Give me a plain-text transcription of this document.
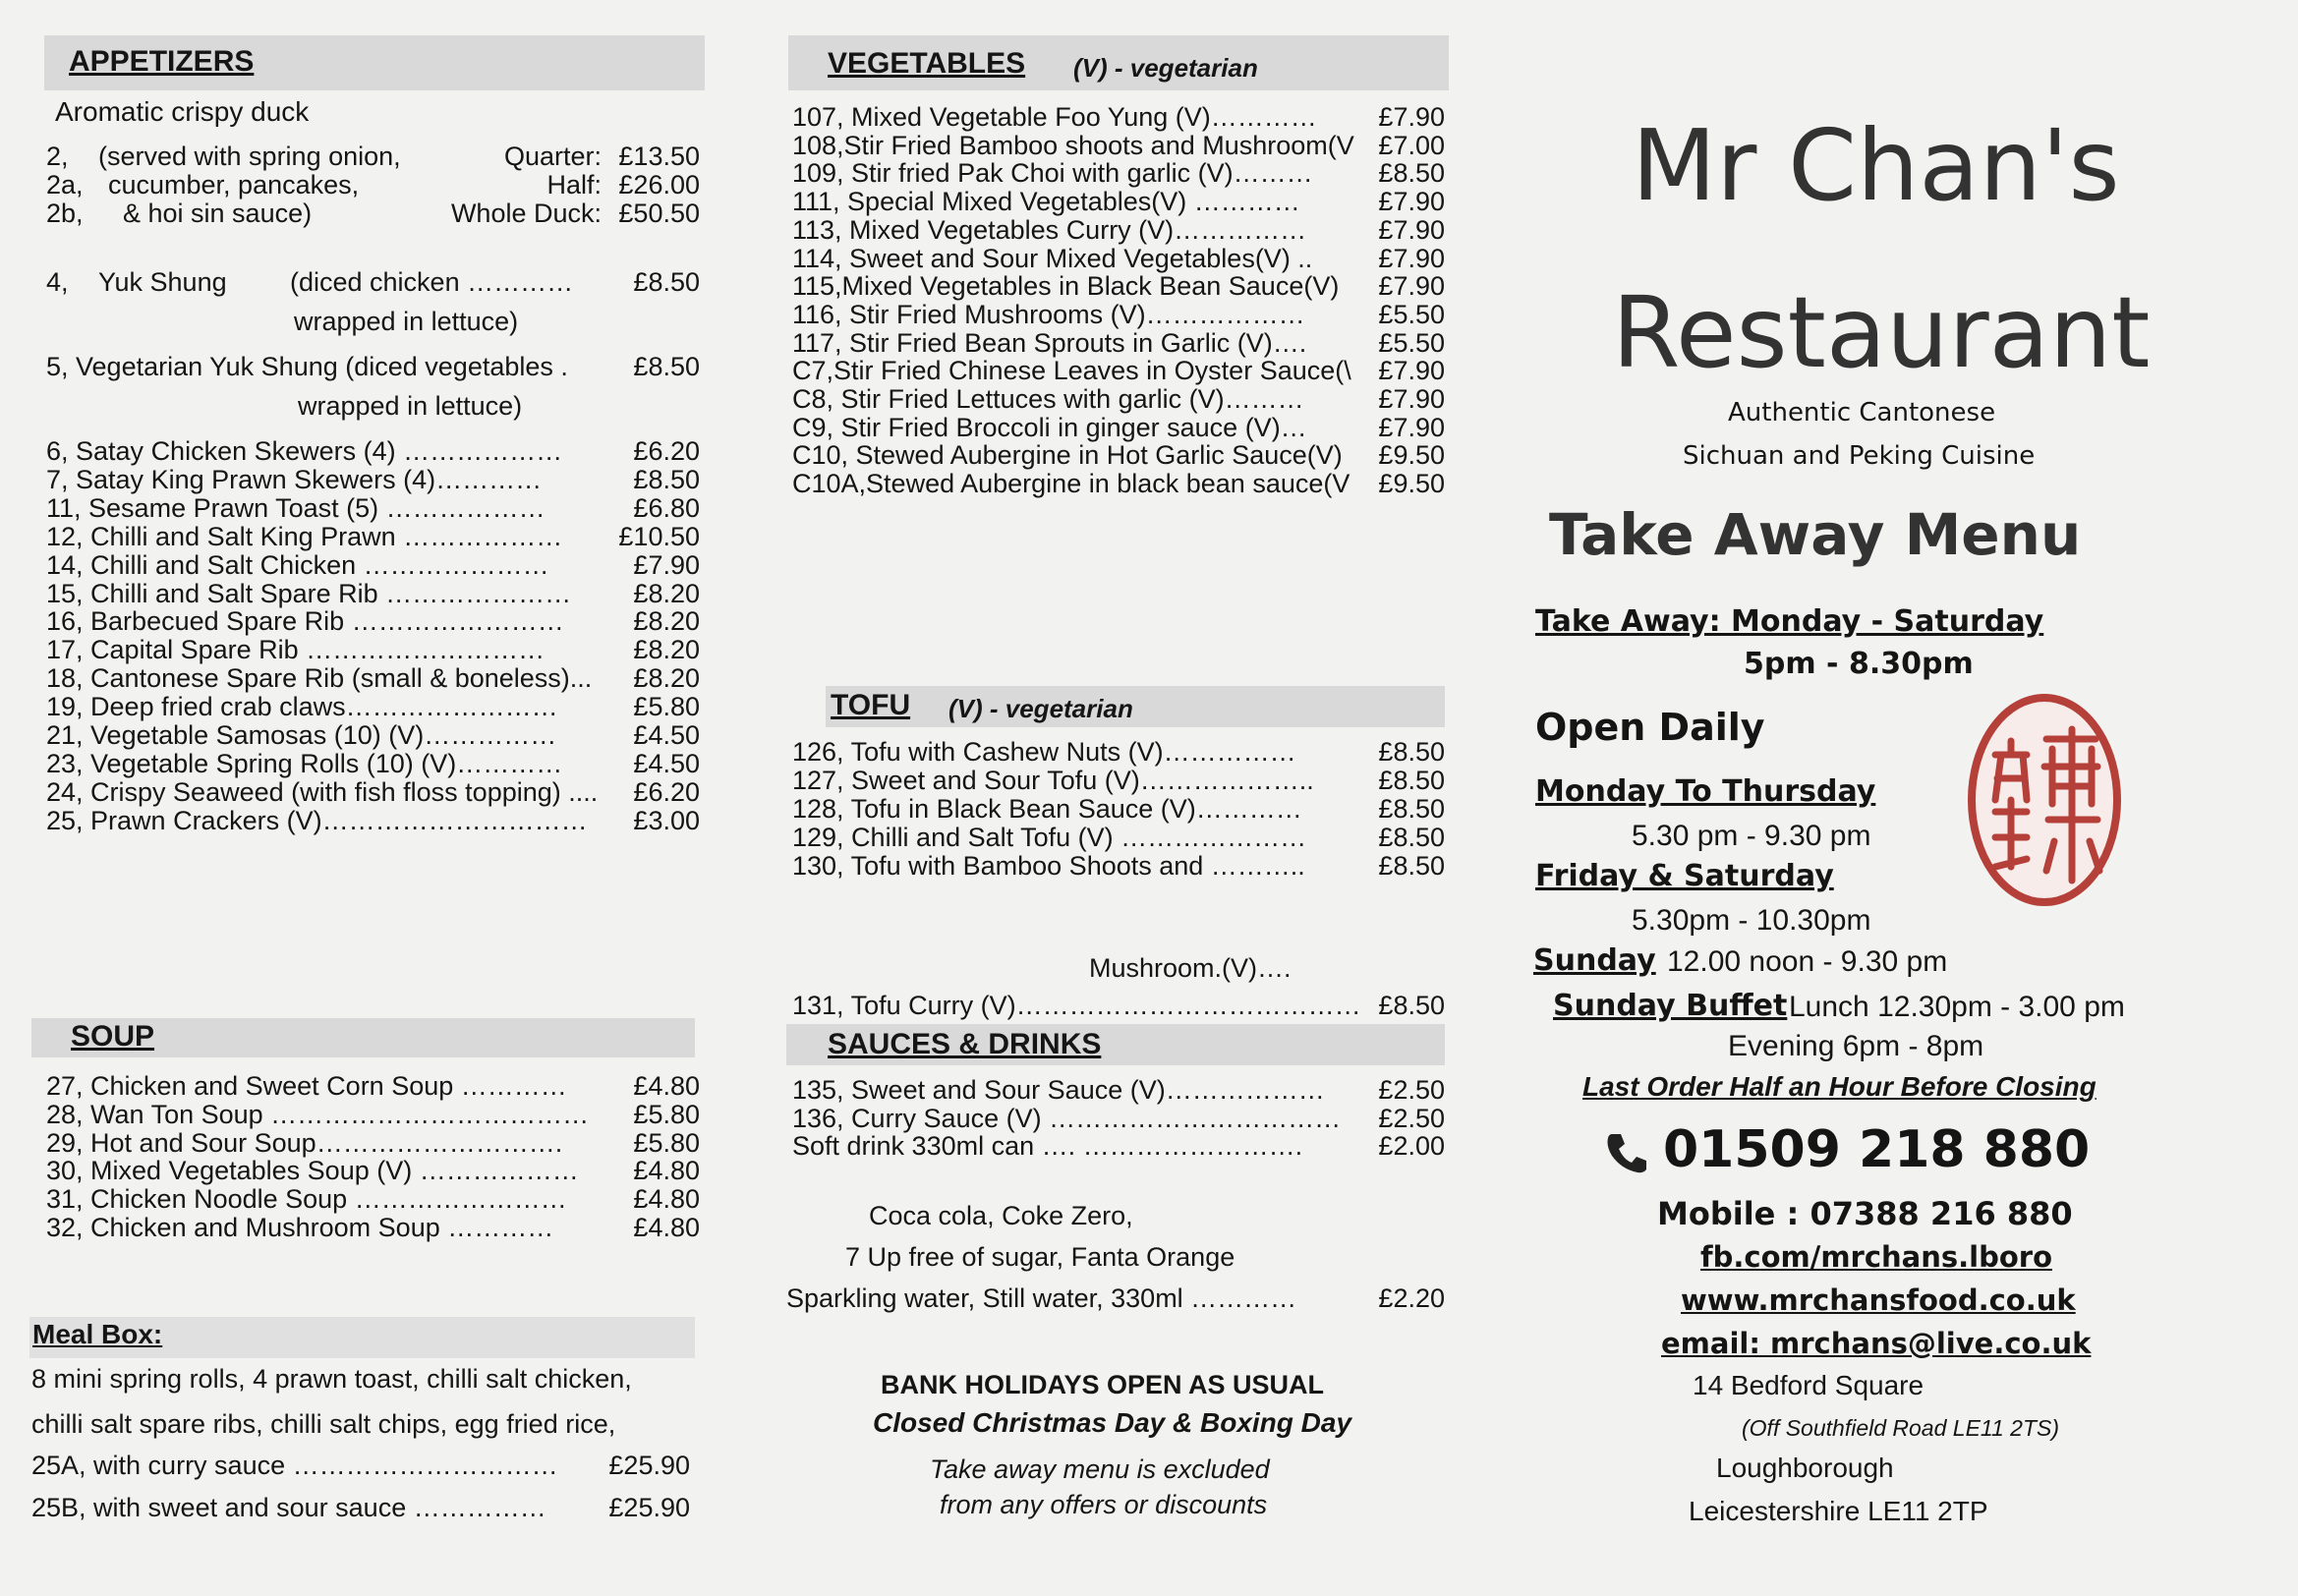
APPETIZERS
Aromatic crispy duck
2, (served with spring onion,	Quarter: £13.50
2a, cucumber, pancakes,	Half: £26.00
2b, & hoi sin sauce)	Whole Duck: £50.50
4, Yuk Shung (diced chicken ………… £8.50
wrapped in lettuce)
5, Vegetarian Yuk Shung (diced vegetables . £8.50
wrapped in lettuce)
6, Satay Chicken Skewers (4) ………………	£6.20
7, Satay King Prawn Skewers (4)…………	£8.50
11, Sesame Prawn Toast (5) ………………	£6.80
12, Chilli and Salt King Prawn ……………… £10.50
14, Chilli and Salt Chicken …………………	£7.90
15, Chilli and Salt Spare Rib ………………… £8.20
16, Barbecued Spare Rib ……………………	£8.20
17, Capital Spare Rib ………………………	£8.20
18, Cantonese Spare Rib (small & boneless)... £8.20
19, Deep fried crab claws……………………	£5.80
21, Vegetable Samosas (10) (V)……………	£4.50
23, Vegetable Spring Rolls (10) (V)…………	£4.50
24, Crispy Seaweed (with fish floss topping) .... £6.20
25, Prawn Crackers (V)………………………… £3.00
SOUP
27, Chicken and Sweet Corn Soup …………	£4.80
28, Wan Ton Soup ……………………………… £5.80
29, Hot and Sour Soup……………………….	£5.80
30, Mixed Vegetables Soup (V) ……………… £4.80
31, Chicken Noodle Soup ……………………	£4.80
32, Chicken and Mushroom Soup …………	£4.80
Meal Box:
8 mini spring rolls, 4 prawn toast, chilli salt chicken,
chilli salt spare ribs, chilli salt chips, egg fried rice,
25A, with curry sauce ………………………… £25.90
25B, with sweet and sour sauce …………… £25.90
VEGETABLES (V) - vegetarian
107, Mixed Vegetable Foo Yung (V)………… £7.90
108,Stir Fried Bamboo shoots and Mushroom(V £7.00
109, Stir fried Pak Choi with garlic (V)……… £8.50
111, Special Mixed Vegetables(V) …………	£7.90
113, Mixed Vegetables Curry (V)……………	£7.90
114, Sweet and Sour Mixed Vegetables(V) .. £7.90
115,Mixed Vegetables in Black Bean Sauce(V) £7.90
116, Stir Fried Mushrooms (V)………………	£5.50
117, Stir Fried Bean Sprouts in Garlic (V)….	£5.50
C7,Stir Fried Chinese Leaves in Oyster Sauce(\ £7.90
C8, Stir Fried Lettuces with garlic (V)………	£7.90
C9, Stir Fried Broccoli in ginger sauce (V)…	£7.90
C10, Stewed Aubergine in Hot Garlic Sauce(V) £9.50
C10A,Stewed Aubergine in black bean sauce(V £9.50
TOFU (V) - vegetarian
126, Tofu with Cashew Nuts (V)……………	£8.50
127, Sweet and Sour Tofu (V)……………….. £8.50
128, Tofu in Black Bean Sauce (V)…………	£8.50
129, Chilli and Salt Tofu (V) …………………	£8.50
130, Tofu with Bamboo Shoots and ………..	£8.50
Mushroom.(V)….
131, Tofu Curry (V)………………………………… £8.50
SAUCES & DRINKS
135, Sweet and Sour Sauce (V)……………… £2.50
136, Curry Sauce (V) …………………………… £2.50
Soft drink 330ml can …. …………………….	£2.00
Coca cola, Coke Zero,
7 Up free of sugar, Fanta Orange
Sparkling water, Still water, 330ml …………	£2.20
BANK HOLIDAYS OPEN AS USUAL
Closed Christmas Day & Boxing Day
Take away menu is excluded
from any offers or discounts
Mr Chan's
Restaurant
Authentic Cantonese
Sichuan and Peking Cuisine
Take Away Menu
Take Away: Monday - Saturday
5pm - 8.30pm
Open Daily
Monday To Thursday
5.30 pm - 9.30 pm
Friday & Saturday
5.30pm - 10.30pm
Sunday 12.00 noon - 9.30 pm
Sunday Buffet Lunch 12.30pm - 3.00 pm
Evening 6pm - 8pm
Last Order Half an Hour Before Closing
01509 218 880
Mobile : 07388 216 880
fb.com/mrchans.lboro
www.mrchansfood.co.uk
email: mrchans@live.co.uk
14 Bedford Square
(Off Southfield Road LE11 2TS)
Loughborough
Leicestershire LE11 2TP
